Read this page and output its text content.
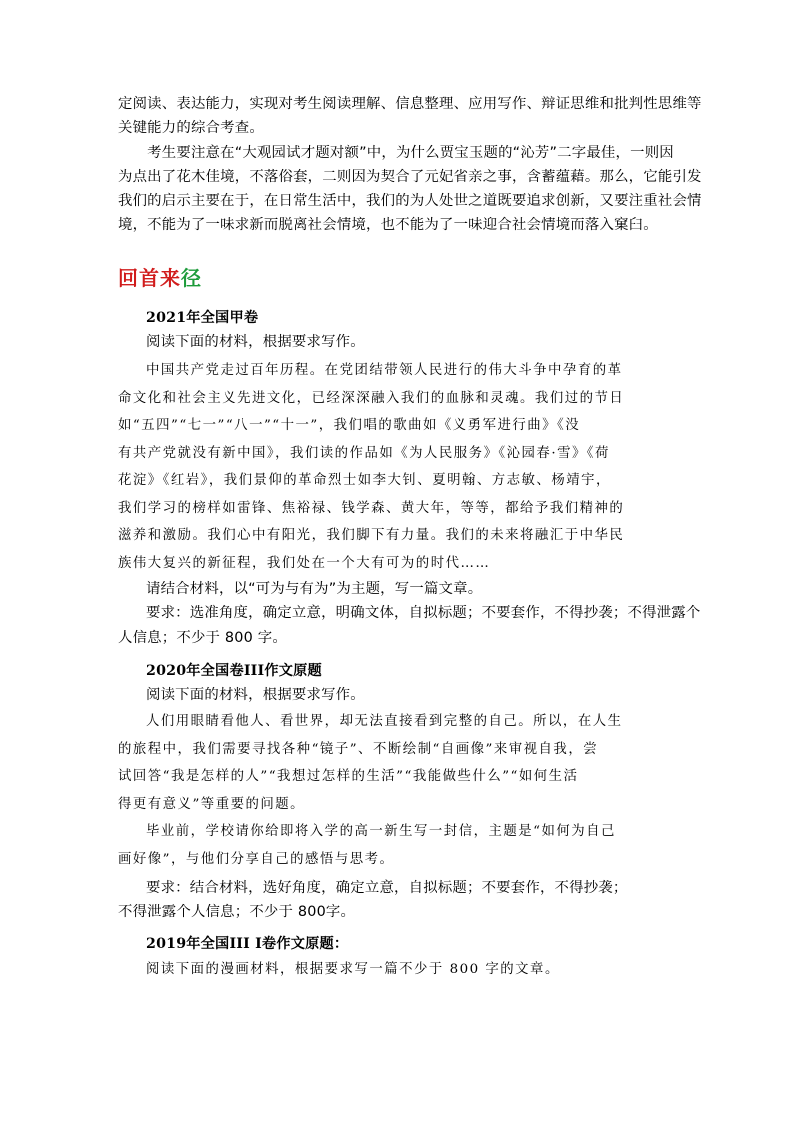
定阅读、表达能力，实现对考生阅读理解、信息整理、应用写作、辩证思维和批判性思维等
关键能力的综合考查。
　　考生要注意在“大观园试才题对额”中，为什么贾宝玉题的“沁芳”二字最佳，一则因
为点出了花木佳境，不落俗套，二则因为契合了元妃省亲之事，含蓄蕴藉。那么，它能引发
我们的启示主要在于，在日常生活中，我们的为人处世之道既要追求创新，又要注重社会情
境，不能为了一味求新而脱离社会情境，也不能为了一味迎合社会情境而落入窠臼。
回首来径
2021年全国甲卷
阅读下面的材料，根据要求写作。
中国共产党走过百年历程。在党团结带领人民进行的伟大斗争中孕育的革
命文化和社会主义先进文化，已经深深融入我们的血脉和灵魂。我们过的节日
如“五四”“七一”“八一”“十一”，我们唱的歌曲如《义勇军进行曲》《没
有共产党就没有新中国》，我们读的作品如《为人民服务》《沁园春·雪》《荷
花淀》《红岩》，我们景仰的革命烈士如李大钊、夏明翰、方志敏、杨靖宇，
我们学习的榜样如雷锋、焦裕禄、钱学森、黄大年，等等，都给予我们精神的
滋养和激励。我们心中有阳光，我们脚下有力量。我们的未来将融汇于中华民
族伟大复兴的新征程，我们处在一个大有可为的时代……
请结合材料，以“可为与有为”为主题，写一篇文章。
要求：选准角度，确定立意，明确文体，自拟标题；不要套作，不得抄袭；不得泄露个
人信息；不少于 800 字。
2020年全国卷III作文原题
阅读下面的材料，根据要求写作。
人们用眼睛看他人、看世界，却无法直接看到完整的自己。所以，在人生
的旅程中，我们需要寻找各种“镜子”、不断绘制“自画像”来审视自我，尝
试回答“我是怎样的人”“我想过怎样的生活”“我能做些什么”“如何生活
得更有意义”等重要的问题。
毕业前，学校请你给即将入学的高一新生写一封信，主题是“如何为自己
画好像”，与他们分享自己的感悟与思考。
要求：结合材料，选好角度，确定立意，自拟标题；不要套作，不得抄袭；
不得泄露个人信息；不少于 800字。
2019年全国III I卷作文原题：
阅读下面的漫画材料，根据要求写一篇不少于 800 字的文章。
